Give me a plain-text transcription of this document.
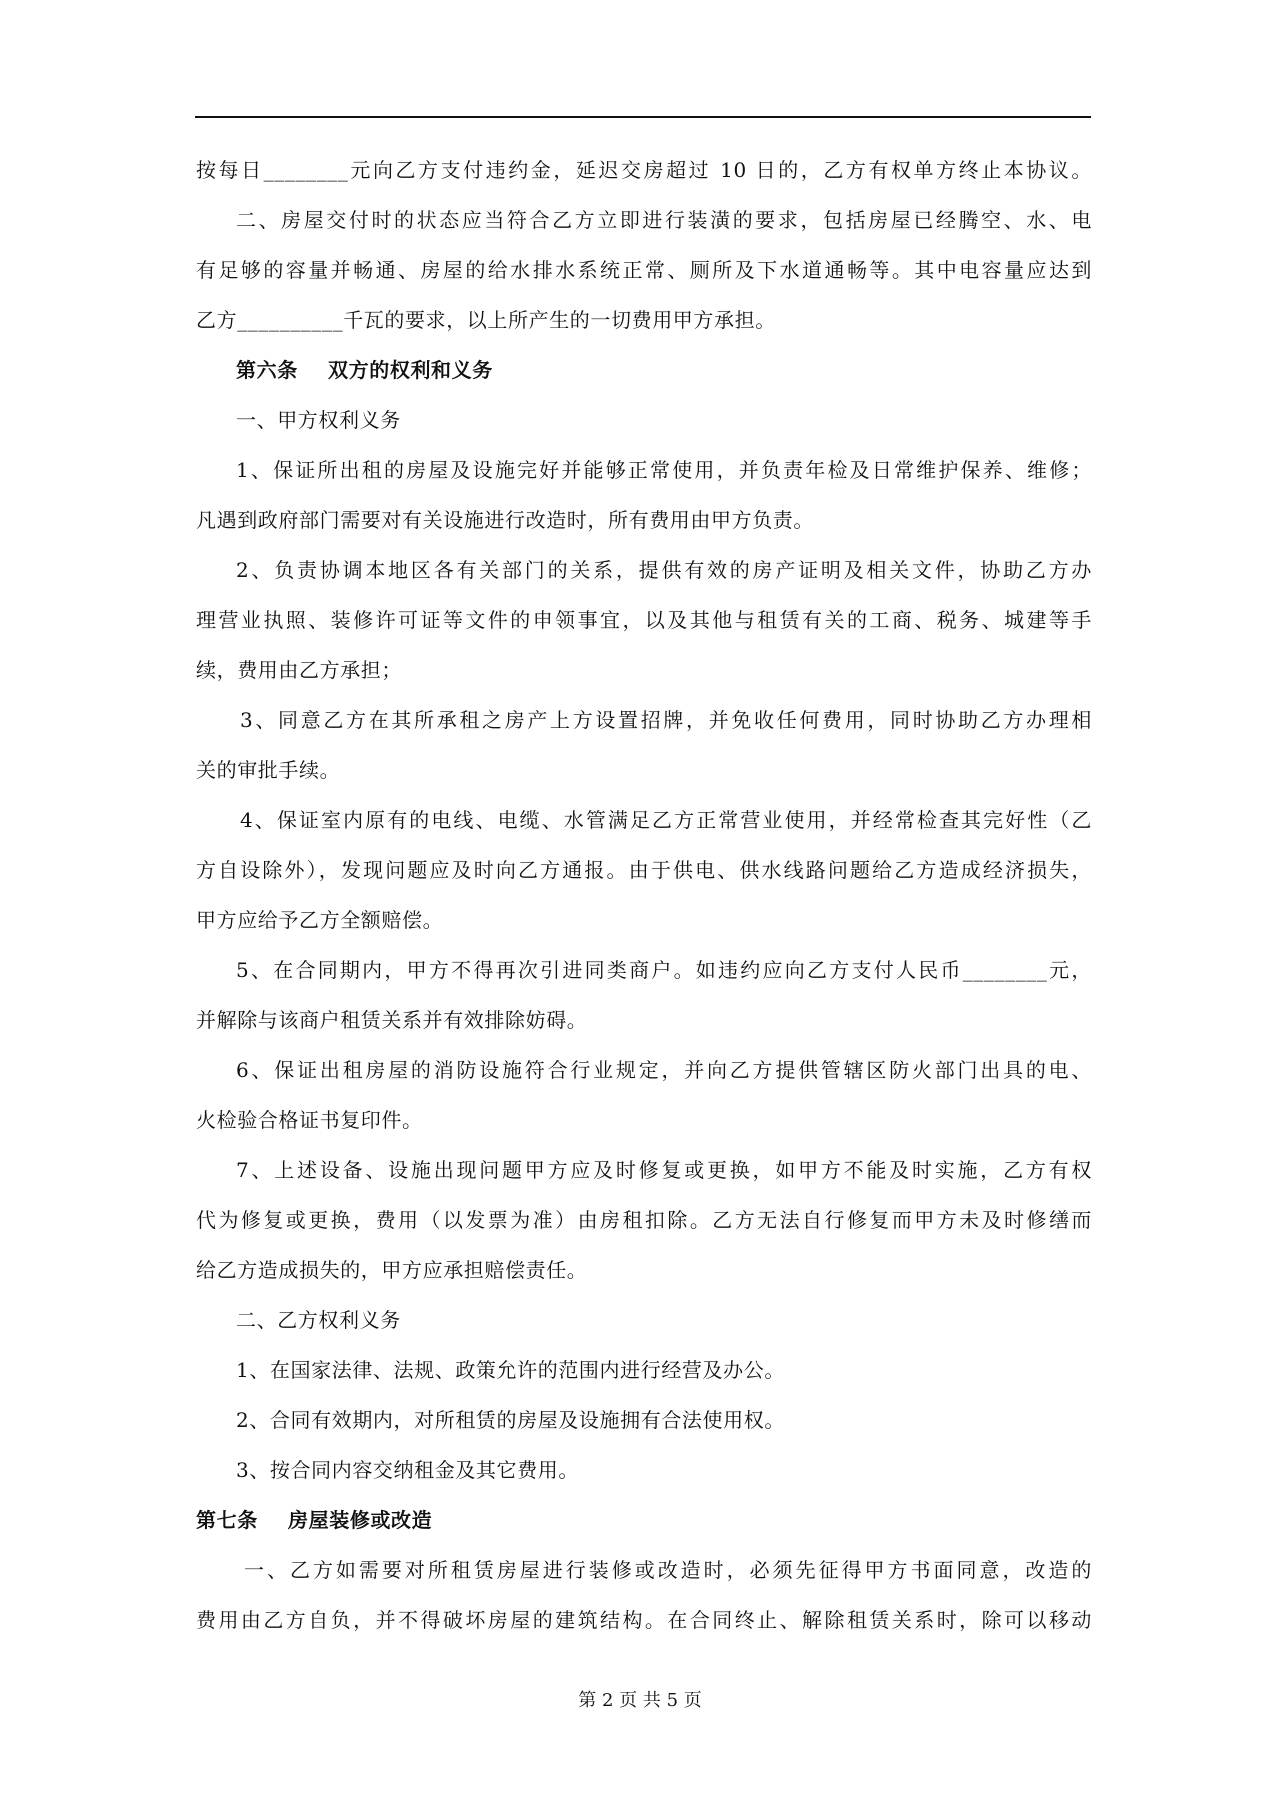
按每日________元向乙方支付违约金，延迟交房超过 10 日的，乙方有权单方终止本协议。
二、房屋交付时的状态应当符合乙方立即进行装潢的要求，包括房屋已经腾空、水、电
有足够的容量并畅通、房屋的给水排水系统正常、厕所及下水道通畅等。其中电容量应达到
乙方__________千瓦的要求，以上所产生的一切费用甲方承担。
第六条    双方的权利和义务
一、甲方权利义务
1、保证所出租的房屋及设施完好并能够正常使用，并负责年检及日常维护保养、维修；
凡遇到政府部门需要对有关设施进行改造时，所有费用由甲方负责。
2、负责协调本地区各有关部门的关系，提供有效的房产证明及相关文件，协助乙方办
理营业执照、装修许可证等文件的申领事宜，以及其他与租赁有关的工商、税务、城建等手
续，费用由乙方承担；
3、同意乙方在其所承租之房产上方设置招牌，并免收任何费用，同时协助乙方办理相
关的审批手续。
4、保证室内原有的电线、电缆、水管满足乙方正常营业使用，并经常检查其完好性（乙
方自设除外），发现问题应及时向乙方通报。由于供电、供水线路问题给乙方造成经济损失，
甲方应给予乙方全额赔偿。
5、在合同期内，甲方不得再次引进同类商户。如违约应向乙方支付人民币________元，
并解除与该商户租赁关系并有效排除妨碍。
6、保证出租房屋的消防设施符合行业规定，并向乙方提供管辖区防火部门出具的电、
火检验合格证书复印件。
7、上述设备、设施出现问题甲方应及时修复或更换，如甲方不能及时实施，乙方有权
代为修复或更换，费用（以发票为准）由房租扣除。乙方无法自行修复而甲方未及时修缮而
给乙方造成损失的，甲方应承担赔偿责任。
二、乙方权利义务
1、在国家法律、法规、政策允许的范围内进行经营及办公。
2、合同有效期内，对所租赁的房屋及设施拥有合法使用权。
3、按合同内容交纳租金及其它费用。
第七条    房屋装修或改造
一、乙方如需要对所租赁房屋进行装修或改造时，必须先征得甲方书面同意，改造的
费用由乙方自负，并不得破坏房屋的建筑结构。在合同终止、解除租赁关系时，除可以移动
第 2 页 共 5 页
